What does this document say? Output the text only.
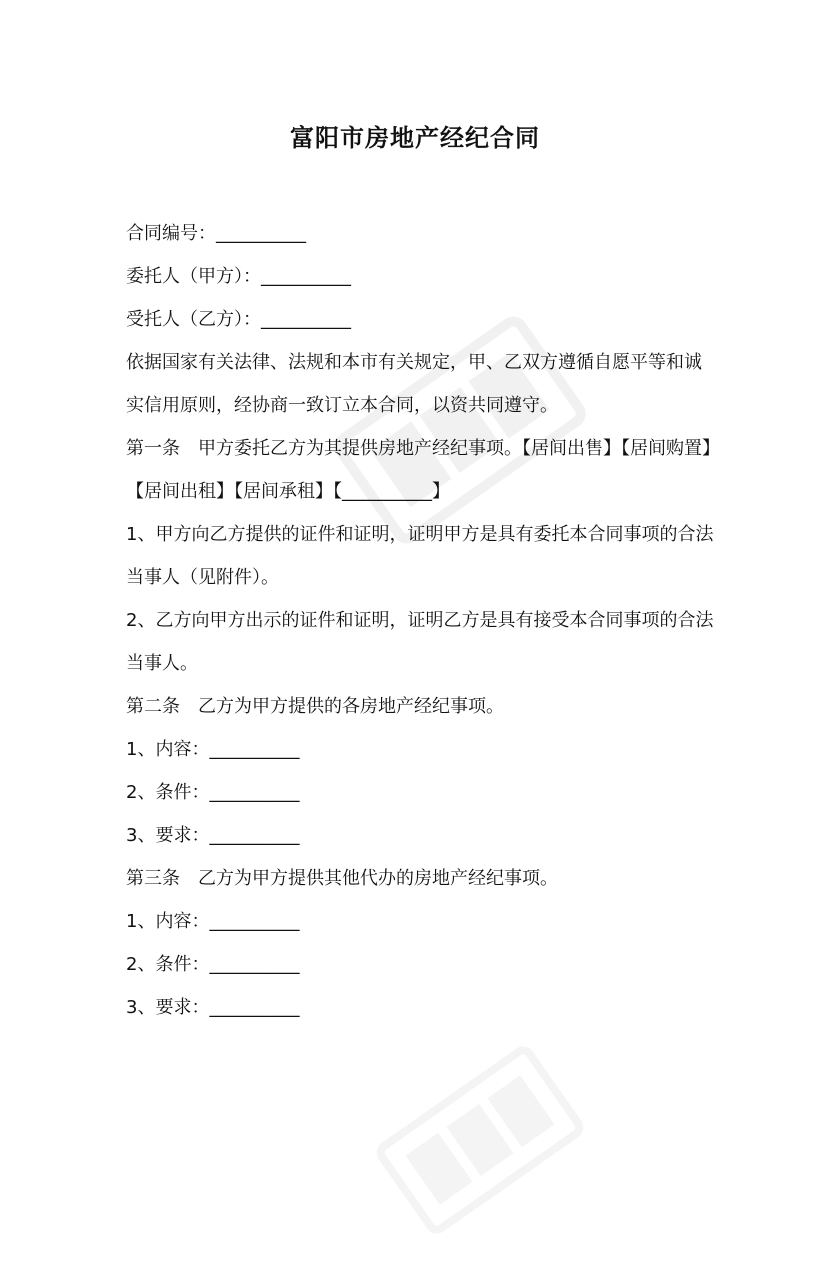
富阳市房地产经纪合同
合同编号：__________
委托人（甲方）：__________
受托人（乙方）：__________
依据国家有关法律、法规和本市有关规定，甲、乙双方遵循自愿平等和诚实信用原则，经协商一致订立本合同，以资共同遵守。
第一条　甲方委托乙方为其提供房地产经纪事项。【居间出售】【居间购置】【居间出租】【居间承租】【__________】
1、甲方向乙方提供的证件和证明，证明甲方是具有委托本合同事项的合法当事人（见附件）。
2、乙方向甲方出示的证件和证明，证明乙方是具有接受本合同事项的合法当事人。
第二条　乙方为甲方提供的各房地产经纪事项。
1、内容：__________
2、条件：__________
3、要求：__________
第三条　乙方为甲方提供其他代办的房地产经纪事项。
1、内容：__________
2、条件：__________
3、要求：__________
